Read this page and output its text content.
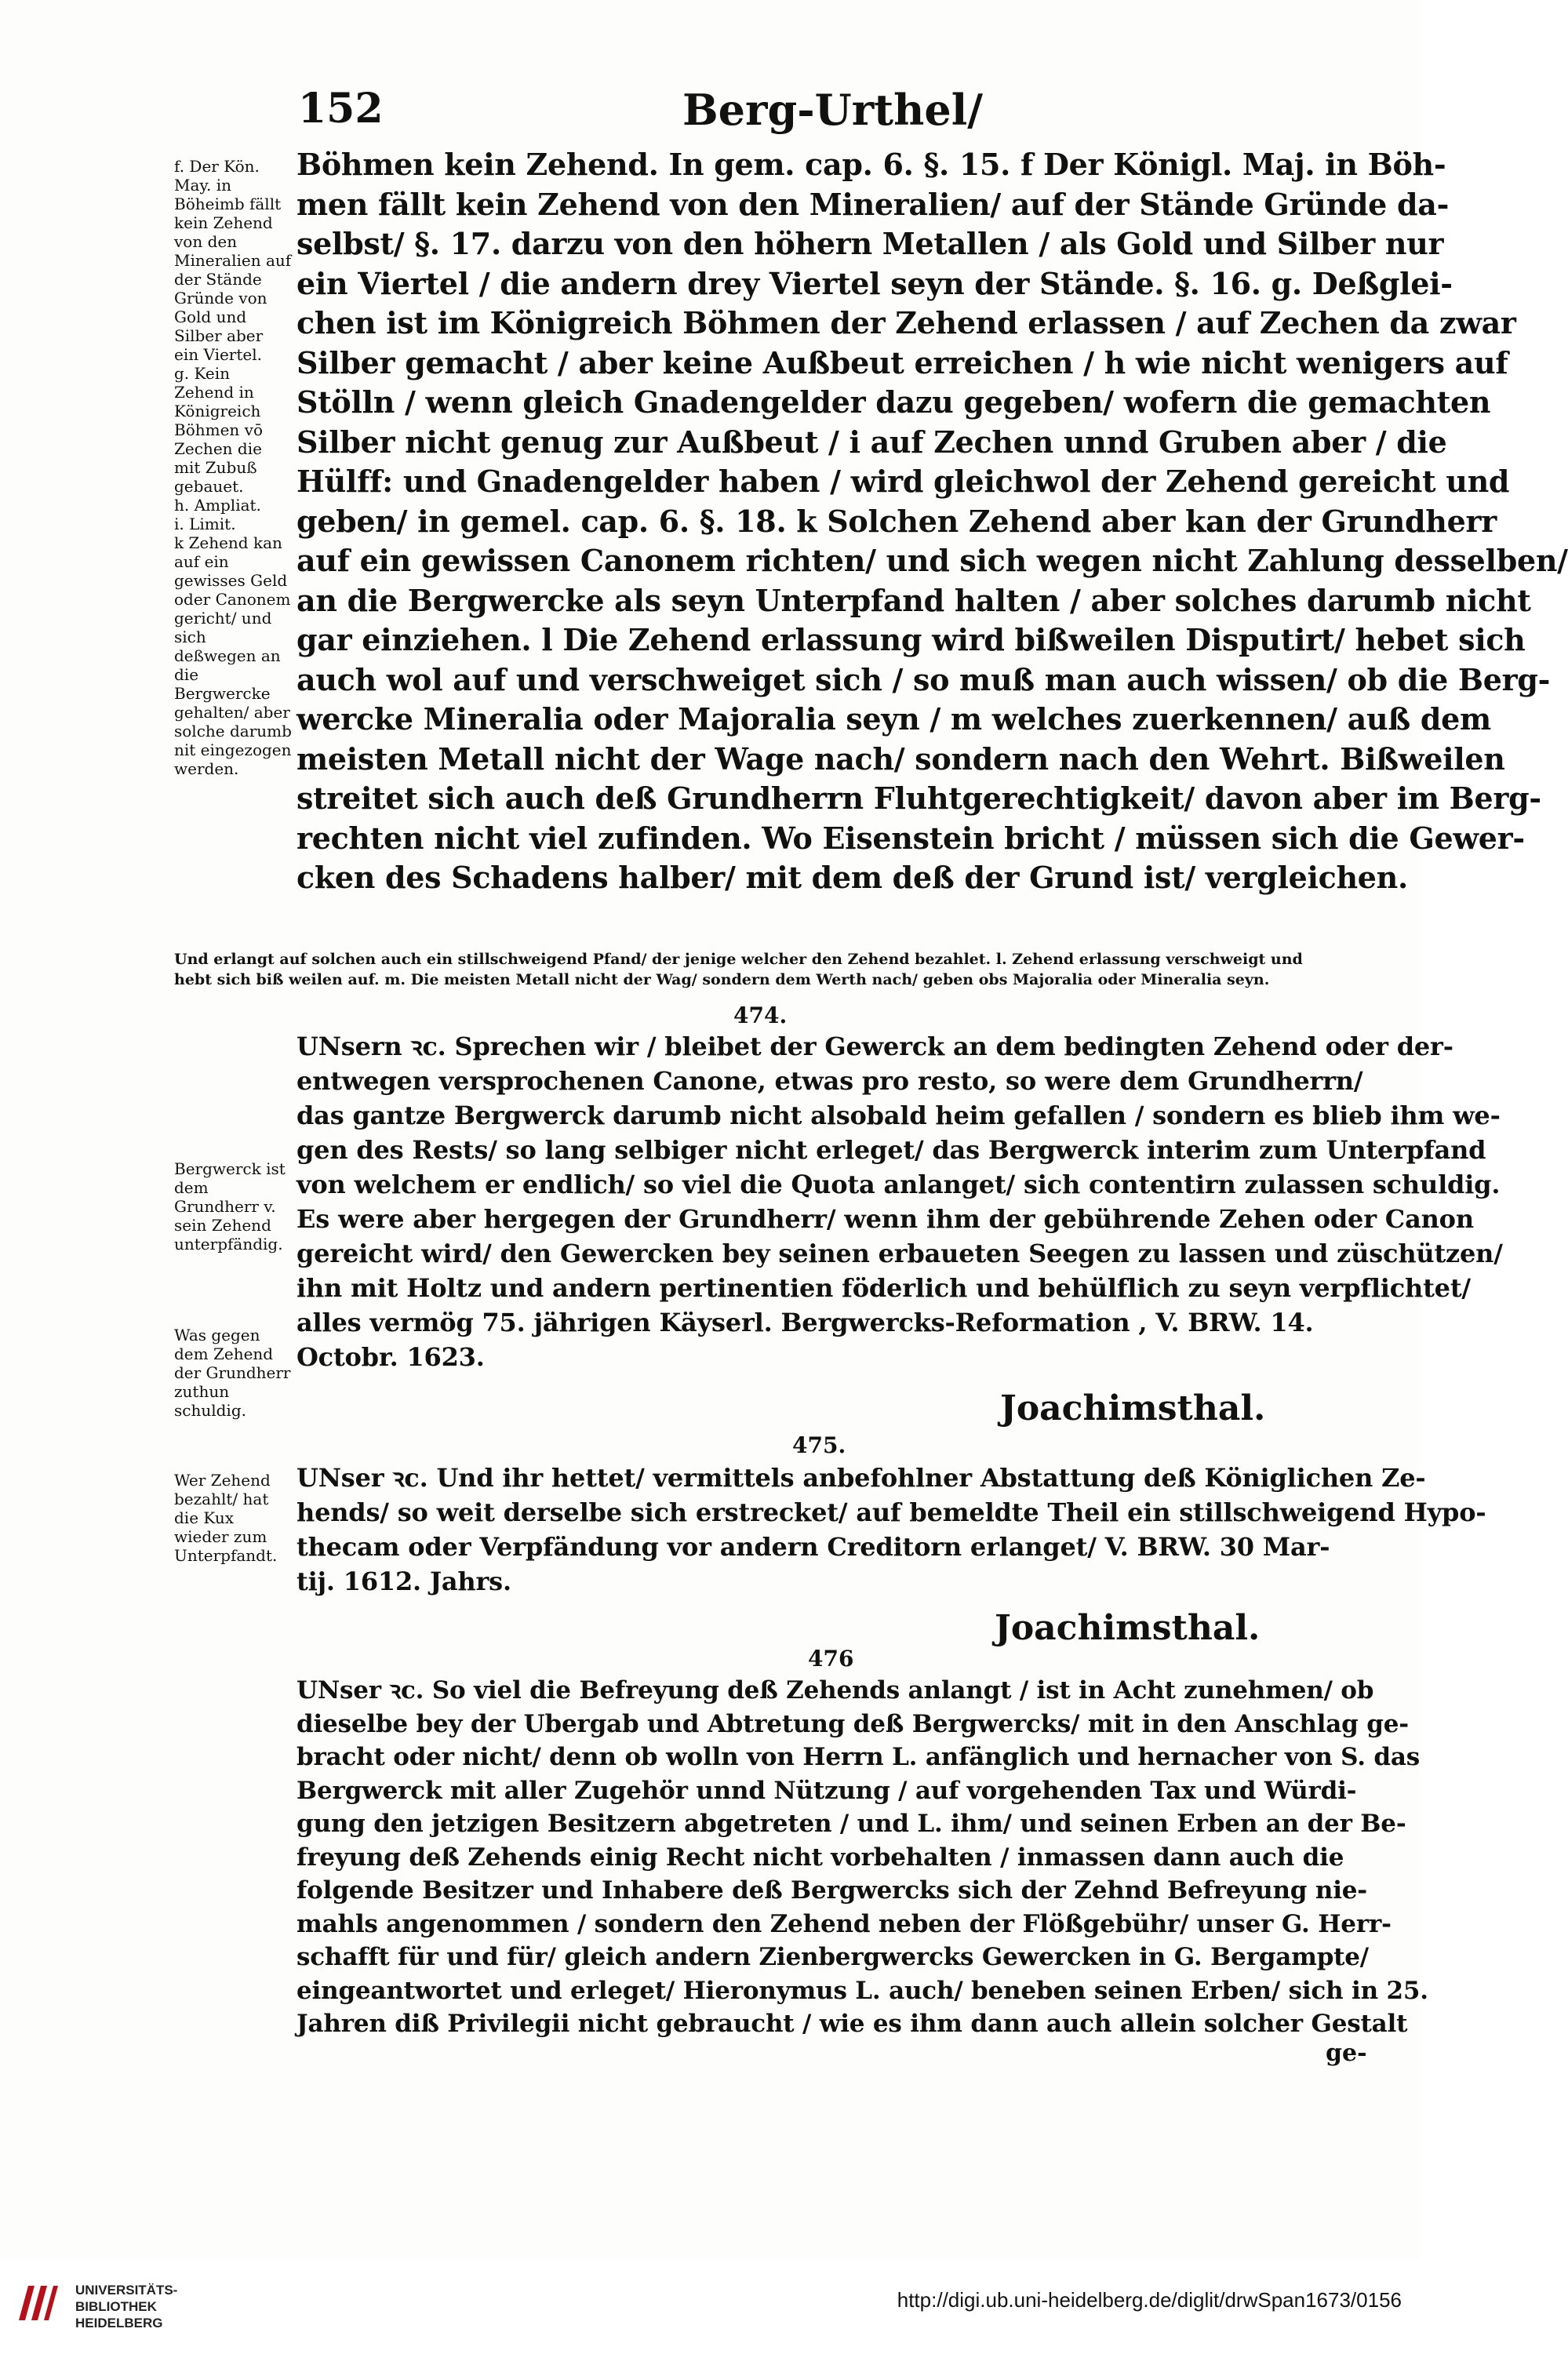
152	Berg-Urthel/

f. Der Kön. May. in Böheimb fällt kein Zehend von den Mineralien auf der Stände Gründe von Gold und Silber aber ein Viertel.

g. Kein Zehend in Königreich Böhmen vō Zechen die mit Zubuß gebauet.

h. Ampliat.

i. Limit.

k Zehend kan auf ein gewisses Geld oder Canonem gericht/ und sich deßwegen an die Bergwercke gehalten/ aber solche darumb nit eingezogen werden.

Bergwerck ist dem Grundherr v. sein Zehend unterpfändig.

Was gegen dem Zehend der Grundherr zuthun schuldig.

Wer Zehend bezahlt/ hat die Kux wieder zum Unterpfandt.

Böhmen kein Zehend. In gem. cap. 6. §. 15. f Der Königl. Maj. in Böh-
men fällt kein Zehend von den Mineralien/ auf der Stände Gründe da-
selbst/ §. 17. darzu von den höhern Metallen / als Gold und Silber nur
ein Viertel / die andern drey Viertel seyn der Stände. §. 16. g. Deßglei-
chen ist im Königreich Böhmen der Zehend erlassen / auf Zechen da zwar
Silber gemacht / aber keine Außbeut erreichen / h wie nicht wenigers auf
Stölln / wenn gleich Gnadengelder dazu gegeben/ wofern die gemachten
Silber nicht genug zur Außbeut / i auf Zechen unnd Gruben aber / die
Hülff: und Gnadengelder haben / wird gleichwol der Zehend gereicht und
geben/ in gemel. cap. 6. §. 18. k Solchen Zehend aber kan der Grundherr
auf ein gewissen Canonem richten/ und sich wegen nicht Zahlung desselben/
an die Bergwercke als seyn Unterpfand halten / aber solches darumb nicht
gar einziehen. l Die Zehend erlassung wird bißweilen Disputirt/ hebet sich
auch wol auf und verschweiget sich / so muß man auch wissen/ ob die Berg-
wercke Mineralia oder Majoralia seyn / m welches zuerkennen/ auß dem
meisten Metall nicht der Wage nach/ sondern nach den Wehrt. Bißweilen
streitet sich auch deß Grundherrn Fluhtgerechtigkeit/ davon aber im Berg-
rechten nicht viel zufinden. Wo Eisenstein bricht / müssen sich die Gewer-
cken des Schadens halber/ mit dem deß der Grund ist/ vergleichen.
Und erlangt auf solchen auch ein stillschweigend Pfand/ der jenige welcher den Zehend bezahlet. l. Zehend erlassung verschweigt und
hebt sich biß weilen auf. m. Die meisten Metall nicht der Wag/ sondern dem Werth nach/ geben obs Majoralia oder Mineralia seyn.
474.
UNsern ꝛc. Sprechen wir / bleibet der Gewerck an dem bedingten Zehend oder der-
entwegen versprochenen Canone, etwas pro resto, so were dem Grundherrn/
das gantze Bergwerck darumb nicht alsobald heim gefallen / sondern es blieb ihm we-
gen des Rests/ so lang selbiger nicht erleget/ das Bergwerck interim zum Unterpfand
von welchem er endlich/ so viel die Quota anlanget/ sich contentirn zulassen schuldig.
Es were aber hergegen der Grundherr/ wenn ihm der gebührende Zehen oder Canon
gereicht wird/ den Gewercken bey seinen erbaueten Seegen zu lassen und züschützen/
ihn mit Holtz und andern pertinentien föderlich und behülflich zu seyn verpflichtet/
alles vermög 75. jährigen Käyserl. Bergwercks-Reformation , V. BRW. 14.
Octobr. 1623.
Joachimsthal.
475.
UNser ꝛc. Und ihr hettet/ vermittels anbefohlner Abstattung deß Königlichen Ze-
hends/ so weit derselbe sich erstrecket/ auf bemeldte Theil ein stillschweigend Hypo-
thecam oder Verpfändung vor andern Creditorn erlanget/ V. BRW. 30 Mar-
tij. 1612. Jahrs.
Joachimsthal.
476
UNser ꝛc. So viel die Befreyung deß Zehends anlangt / ist in Acht zunehmen/ ob
dieselbe bey der Ubergab und Abtretung deß Bergwercks/ mit in den Anschlag ge-
bracht oder nicht/ denn ob wolln von Herrn L. anfänglich und hernacher von S. das
Bergwerck mit aller Zugehör unnd Nützung / auf vorgehenden Tax und Würdi-
gung den jetzigen Besitzern abgetreten / und L. ihm/ und seinen Erben an der Be-
freyung deß Zehends einig Recht nicht vorbehalten / inmassen dann auch die
folgende Besitzer und Inhabere deß Bergwercks sich der Zehnd Befreyung nie-
mahls angenommen / sondern den Zehend neben der Flößgebühr/ unser G. Herr-
schafft für und für/ gleich andern Zienbergwercks Gewercken in G. Bergampte/
eingeantwortet und erleget/ Hieronymus L. auch/ beneben seinen Erben/ sich in 25.
Jahren diß Privilegii nicht gebraucht / wie es ihm dann auch allein solcher Gestalt
ge-
UNIVERSITÄTS-
BIBLIOTHEK
HEIDELBERG
http://digi.ub.uni-heidelberg.de/diglit/drwSpan1673/0156
